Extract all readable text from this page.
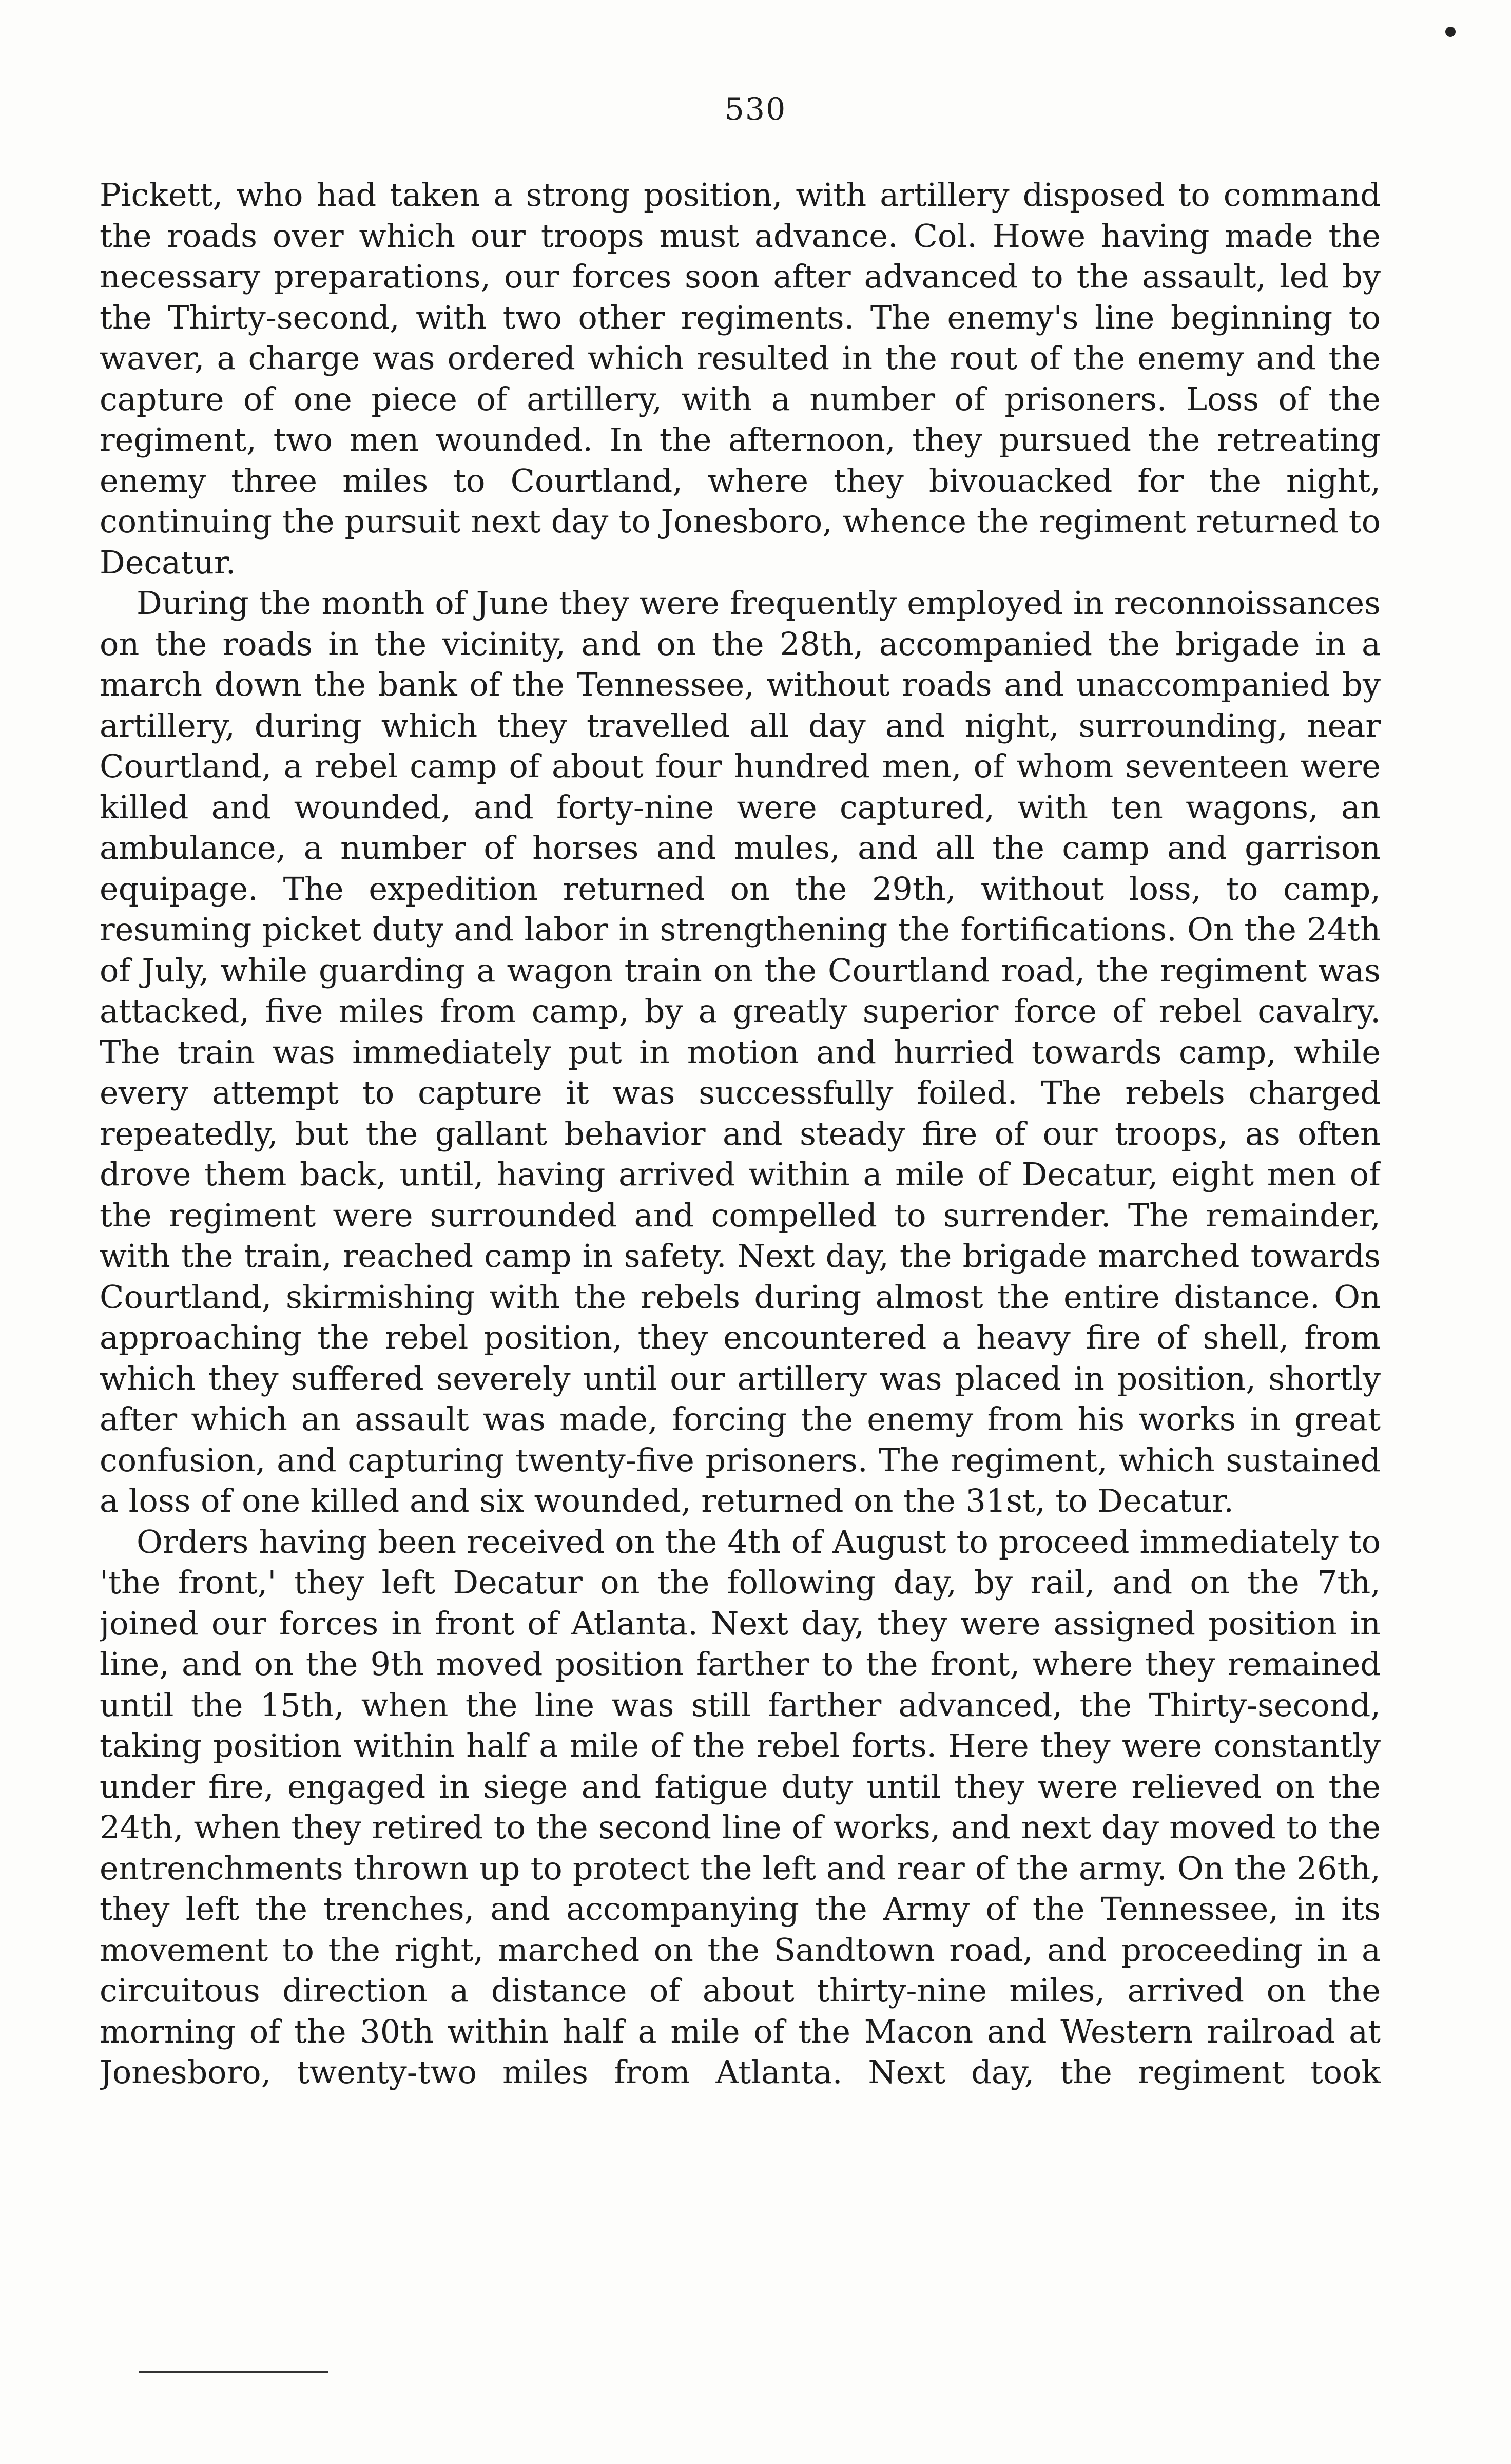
530

Pickett, who had taken a strong position, with artillery disposed to command the roads over which our troops must advance. Col. Howe having made the necessary preparations, our forces soon after advanced to the assault, led by the Thirty-second, with two other regiments. The enemy's line beginning to waver, a charge was ordered which resulted in the rout of the enemy and the capture of one piece of artillery, with a number of prisoners. Loss of the regiment, two men wounded. In the afternoon, they pursued the retreating enemy three miles to Courtland, where they bivouacked for the night, continuing the pursuit next day to Jonesboro, whence the regiment returned to Decatur.

During the month of June they were frequently employed in reconnoissances on the roads in the vicinity, and on the 28th, accompanied the brigade in a march down the bank of the Tennessee, without roads and unaccompanied by artillery, during which they travelled all day and night, surrounding, near Courtland, a rebel camp of about four hundred men, of whom seventeen were killed and wounded, and forty-nine were captured, with ten wagons, an ambulance, a number of horses and mules, and all the camp and garrison equipage. The expedition returned on the 29th, without loss, to camp, resuming picket duty and labor in strengthening the fortifications. On the 24th of July, while guarding a wagon train on the Courtland road, the regiment was attacked, five miles from camp, by a greatly superior force of rebel cavalry. The train was immediately put in motion and hurried towards camp, while every attempt to capture it was successfully foiled. The rebels charged repeatedly, but the gallant behavior and steady fire of our troops, as often drove them back, until, having arrived within a mile of Decatur, eight men of the regiment were surrounded and compelled to surrender. The remainder, with the train, reached camp in safety. Next day, the brigade marched towards Courtland, skirmishing with the rebels during almost the entire distance. On approaching the rebel position, they encountered a heavy fire of shell, from which they suffered severely until our artillery was placed in position, shortly after which an assault was made, forcing the enemy from his works in great confusion, and capturing twenty-five prisoners. The regiment, which sustained a loss of one killed and six wounded, returned on the 31st, to Decatur.

Orders having been received on the 4th of August to proceed immediately to 'the front,' they left Decatur on the following day, by rail, and on the 7th, joined our forces in front of Atlanta. Next day, they were assigned position in line, and on the 9th moved position farther to the front, where they remained until the 15th, when the line was still farther advanced, the Thirty-second, taking position within half a mile of the rebel forts. Here they were constantly under fire, engaged in siege and fatigue duty until they were relieved on the 24th, when they retired to the second line of works, and next day moved to the entrenchments thrown up to protect the left and rear of the army. On the 26th, they left the trenches, and accompanying the Army of the Tennessee, in its movement to the right, marched on the Sandtown road, and proceeding in a circuitous direction a distance of about thirty-nine miles, arrived on the morning of the 30th within half a mile of the Macon and Western railroad at Jonesboro, twenty-two miles from Atlanta. Next day, the regiment took
